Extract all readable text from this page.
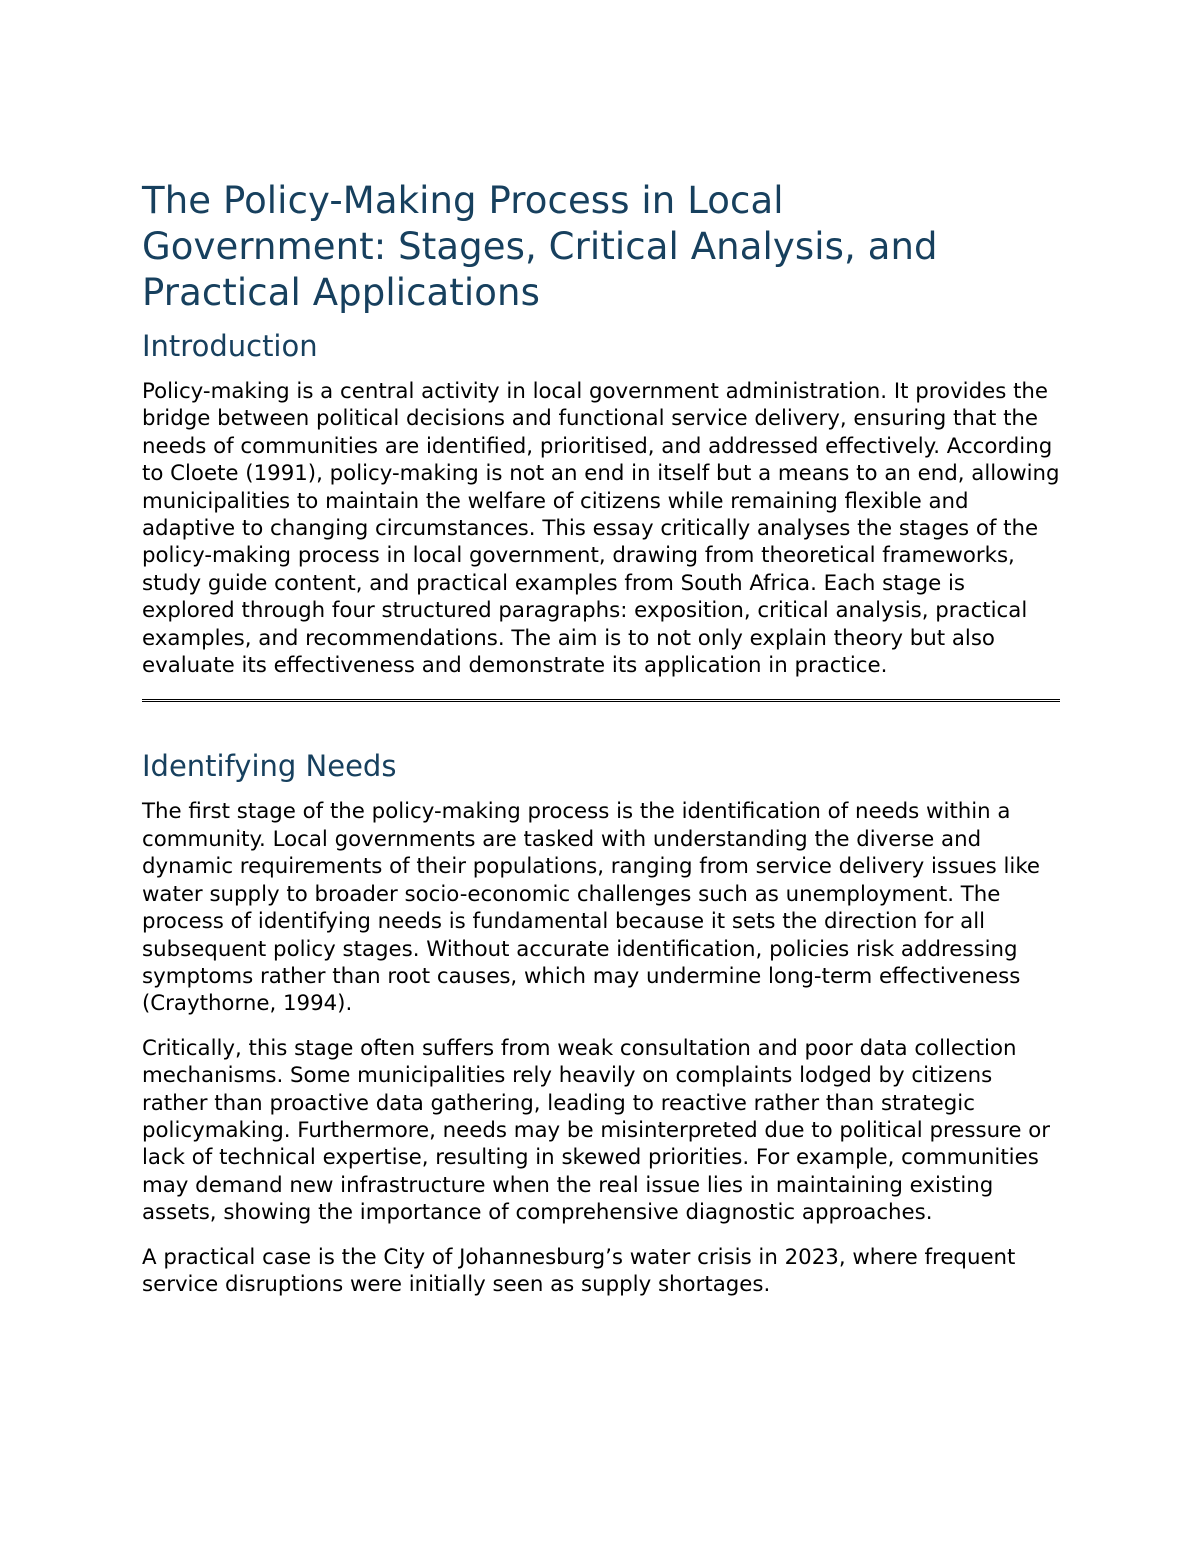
The Policy-Making Process in Local
Government: Stages, Critical Analysis, and
Practical Applications
Introduction

Policy-making is a central activity in local government administration. It provides the bridge between political decisions and functional service delivery, ensuring that the needs of communities are identified, prioritised, and addressed effectively. According to Cloete (1991), policy-making is not an end in itself but a means to an end, allowing municipalities to maintain the welfare of citizens while remaining flexible and adaptive to changing circumstances. This essay critically analyses the stages of the policy-making process in local government, drawing from theoretical frameworks, study guide content, and practical examples from South Africa. Each stage is explored through four structured paragraphs: exposition, critical analysis, practical examples, and recommendations. The aim is to not only explain theory but also evaluate its effectiveness and demonstrate its application in practice.

Identifying Needs

The first stage of the policy-making process is the identification of needs within a community. Local governments are tasked with understanding the diverse and dynamic requirements of their populations, ranging from service delivery issues like water supply to broader socio-economic challenges such as unemployment. The process of identifying needs is fundamental because it sets the direction for all subsequent policy stages. Without accurate identification, policies risk addressing symptoms rather than root causes, which may undermine long-term effectiveness (Craythorne, 1994).

Critically, this stage often suffers from weak consultation and poor data collection mechanisms. Some municipalities rely heavily on complaints lodged by citizens rather than proactive data gathering, leading to reactive rather than strategic policymaking. Furthermore, needs may be misinterpreted due to political pressure or lack of technical expertise, resulting in skewed priorities. For example, communities may demand new infrastructure when the real issue lies in maintaining existing assets, showing the importance of comprehensive diagnostic approaches.

A practical case is the City of Johannesburg’s water crisis in 2023, where frequent service disruptions were initially seen as supply shortages.
